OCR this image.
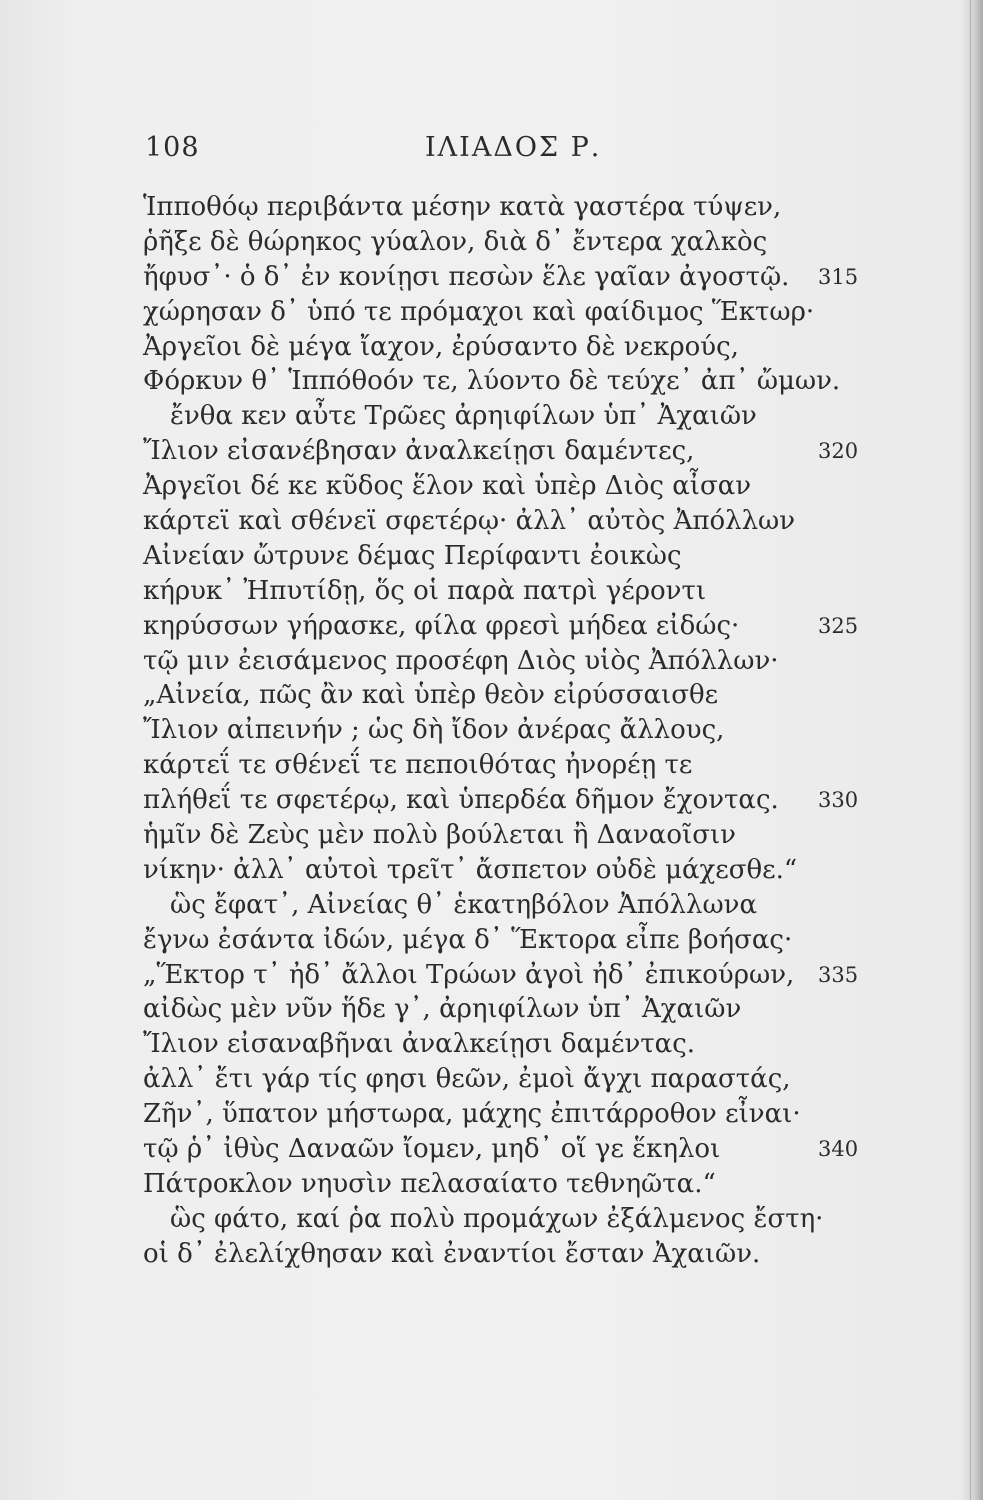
108	ΙΛΙΑΔΟΣ Ρ.
Ἱπποθόῳ περιβάντα μέσην κατὰ γαστέρα τύψεν,
ῥῆξε δὲ θώρηκος γύαλον, διὰ δ᾽ ἔντερα χαλκὸς
ἤφυσ᾽· ὁ δ᾽ ἐν κονίῃσι πεσὼν ἕλε γαῖαν ἀγοστῷ. 315
χώρησαν δ᾽ ὑπό τε πρόμαχοι καὶ φαίδιμος Ἕκτωρ·
Ἀργεῖοι δὲ μέγα ἴαχον, ἐρύσαντο δὲ νεκρούς,
Φόρκυν θ᾽ Ἱππόθοόν τε, λύοντο δὲ τεύχε᾽ ἀπ᾽ ὤμων.
ἔνθα κεν αὖτε Τρῶες ἀρηιφίλων ὑπ᾽ Ἀχαιῶν
Ἴλιον εἰσανέβησαν ἀναλκείῃσι δαμέντες,	320
Ἀργεῖοι δέ κε κῦδος ἕλον καὶ ὑπὲρ Διὸς αἶσαν
κάρτεϊ καὶ σθένεϊ σφετέρῳ· ἀλλ᾽ αὐτὸς Ἀπόλλων
Αἰνείαν ὤτρυνε δέμας Περίφαντι ἐοικὼς
κήρυκ᾽ Ἠπυτίδῃ, ὅς οἱ παρὰ πατρὶ γέροντι
κηρύσσων γήρασκε, φίλα φρεσὶ μήδεα εἰδώς·	325
τῷ μιν ἐεισάμενος προσέφη Διὸς υἱὸς Ἀπόλλων·
„Αἰνεία, πῶς ἂν καὶ ὑπὲρ θεὸν εἰρύσσαισθε
Ἴλιον αἰπεινήν ; ὡς δὴ ἴδον ἀνέρας ἄλλους,
κάρτεΐ τε σθένεΐ τε πεποιθότας ἠνορέῃ τε
πλήθεΐ τε σφετέρῳ, καὶ ὑπερδέα δῆμον ἔχοντας. 330
ἡμῖν δὲ Ζεὺς μὲν πολὺ βούλεται ἢ Δαναοῖσιν
νίκην· ἀλλ᾽ αὐτοὶ τρεῖτ᾽ ἄσπετον οὐδὲ μάχεσθε.“
ὣς ἔφατ᾽, Αἰνείας θ᾽ ἑκατηβόλον Ἀπόλλωνα
ἔγνω ἐσάντα ἰδών, μέγα δ᾽ Ἕκτορα εἶπε βοήσας·
„Ἕκτορ τ᾽ ἠδ᾽ ἄλλοι Τρώων ἀγοὶ ἠδ᾽ ἐπικούρων, 335
αἰδὼς μὲν νῦν ἥδε γ᾽, ἀρηιφίλων ὑπ᾽ Ἀχαιῶν
Ἴλιον εἰσαναβῆναι ἀναλκείῃσι δαμέντας.
ἀλλ᾽ ἔτι γάρ τίς φησι θεῶν, ἐμοὶ ἄγχι παραστάς,
Ζῆν᾽, ὕπατον μήστωρα, μάχης ἐπιτάρροθον εἶναι·
τῷ ῥ᾽ ἰθὺς Δαναῶν ἴομεν, μηδ᾽ οἵ γε ἕκηλοι	340
Πάτροκλον νηυσὶν πελασαίατο τεθνηῶτα.“
ὣς φάτο, καί ῥα πολὺ προμάχων ἐξάλμενος ἔστη·
οἱ δ᾽ ἐλελίχθησαν καὶ ἐναντίοι ἔσταν Ἀχαιῶν.
